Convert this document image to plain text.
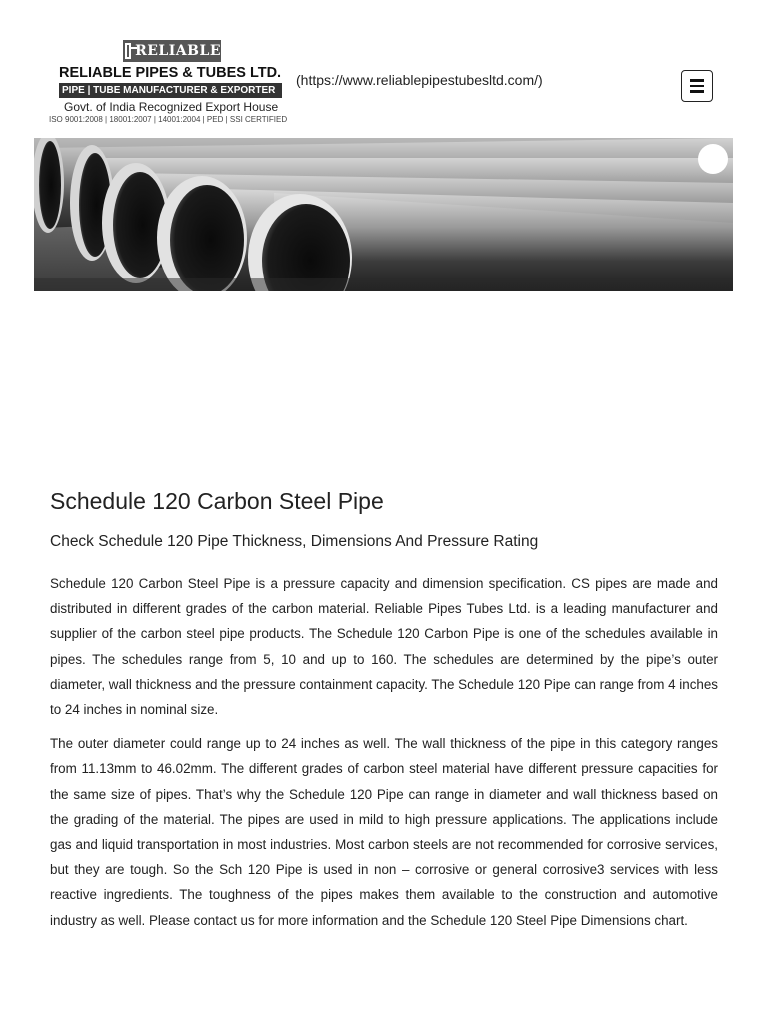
RELIABLE
RELIABLE PIPES & TUBES LTD.
PIPE | TUBE MANUFACTURER & EXPORTER
Govt. of India Recognized Export House
ISO 9001:2008 | 18001:2007 | 14001:2004 | PED | SSI CERTIFIED
(https://www.reliablepipestubesltd.com/)
Schedule 120 Carbon Steel Pipe
Check Schedule 120 Pipe Thickness, Dimensions And Pressure Rating

Schedule 120 Carbon Steel Pipe is a pressure capacity and dimension specification. CS pipes are made and distributed in different grades of the carbon material. Reliable Pipes Tubes Ltd. is a leading manufacturer and supplier of the carbon steel pipe products. The Schedule 120 Carbon Pipe is one of the schedules available in pipes. The schedules range from 5, 10 and up to 160. The schedules are determined by the pipe’s outer diameter, wall thickness and the pressure containment capacity. The Schedule 120 Pipe can range from 4 inches to 24 inches in nominal size.

The outer diameter could range up to 24 inches as well. The wall thickness of the pipe in this category ranges from 11.13mm to 46.02mm. The different grades of carbon steel material have different pressure capacities for the same size of pipes. That’s why the Schedule 120 Pipe can range in diameter and wall thickness based on the grading of the material. The pipes are used in mild to high pressure applications. The applications include gas and liquid transportation in most industries. Most carbon steels are not recommended for corrosive services, but they are tough. So the Sch 120 Pipe is used in non – corrosive or general corrosive3 services with less reactive ingredients. The toughness of the pipes makes them available to the construction and automotive industry as well. Please contact us for more information and the Schedule 120 Steel Pipe Dimensions chart.
